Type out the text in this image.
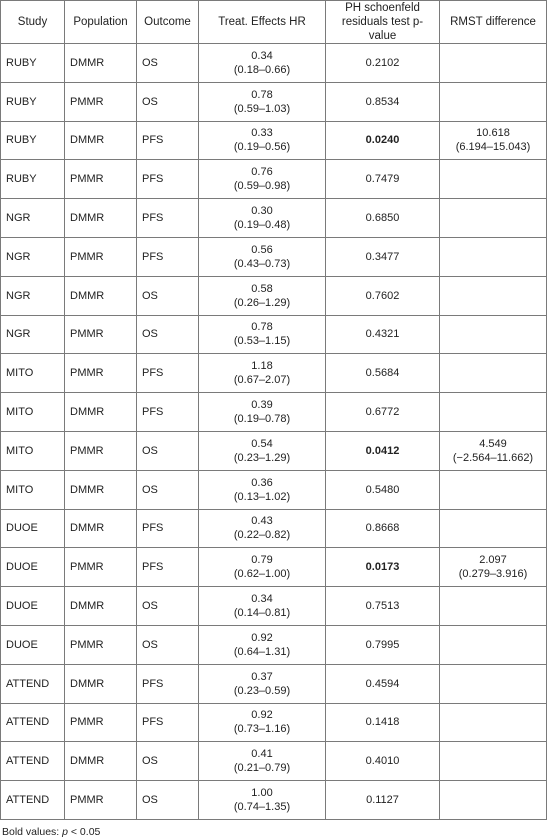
Study	Population	Outcome	Treat. Effects HR	PH schoenfeld
residuals test p-value	RMST difference
RUBY	DMMR	OS	0.34
(0.18–0.66)	0.2102	
RUBY	PMMR	OS	0.78
(0.59–1.03)	0.8534	
RUBY	DMMR	PFS	0.33
(0.19–0.56)	0.0240	10.618
(6.194–15.043)

RUBY	PMMR	PFS	0.76
(0.59–0.98)	0.7479	
NGR	DMMR	PFS	0.30
(0.19–0.48)	0.6850	
NGR	PMMR	PFS	0.56
(0.43–0.73)	0.3477	
NGR	DMMR	OS	0.58
(0.26–1.29)	0.7602	
NGR	PMMR	OS	0.78
(0.53–1.15)	0.4321	
MITO	PMMR	PFS	1.18
(0.67–2.07)	0.5684	
MITO	DMMR	PFS	0.39
(0.19–0.78)	0.6772	
MITO	PMMR	OS	0.54
(0.23–1.29)	0.0412	4.549
(−2.564–11.662)

MITO	DMMR	OS	0.36
(0.13–1.02)	0.5480	
DUOE	DMMR	PFS	0.43
(0.22–0.82)	0.8668	
DUOE	PMMR	PFS	0.79
(0.62–1.00)	0.0173	2.097
(0.279–3.916)

DUOE	DMMR	OS	0.34
(0.14–0.81)	0.7513	
DUOE	PMMR	OS	0.92
(0.64–1.31)	0.7995	
ATTEND	DMMR	PFS	0.37
(0.23–0.59)	0.4594	
ATTEND	PMMR	PFS	0.92
(0.73–1.16)	0.1418	
ATTEND	DMMR	OS	0.41
(0.21–0.79)	0.4010	
ATTEND	PMMR	OS	1.00
(0.74–1.35)	0.1127	
Bold values: p < 0.05
